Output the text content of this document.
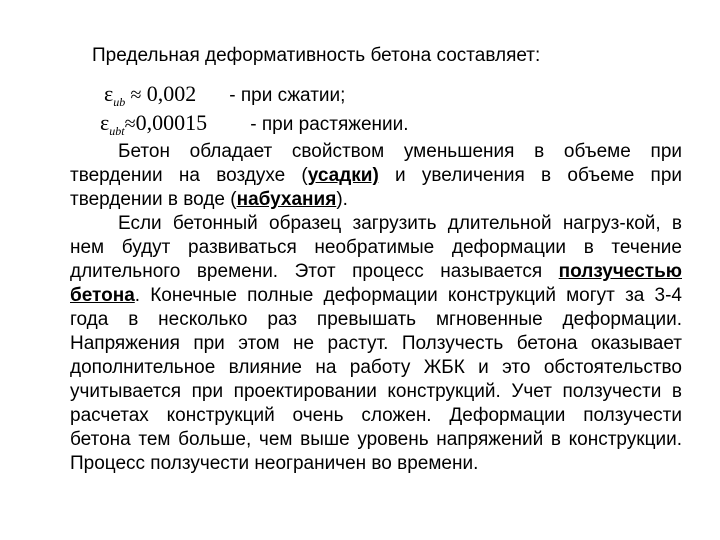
Предельная деформативность бетона составляет:
$\varepsilon_{ub} \approx 0,002$ - при сжатии;
$\varepsilon_{ubt}\approx 0,00015$ - при растяжении.

Бетон обладает свойством уменьшения в объеме при твердении на воздухе (усадки) и увеличения в объеме при твердении в воде (набухания).

Если бетонный образец загрузить длительной нагруз-кой, в нем будут развиваться необратимые деформации в течение длительного времени. Этот процесс называется ползучестью бетона. Конечные полные деформации конструкций могут за 3-4 года в несколько раз превышать мгновенные деформации. Напряжения при этом не растут. Ползучесть бетона оказывает дополнительное влияние на работу ЖБК и это обстоятельство учитывается при проектировании конструкций. Учет ползучести в расчетах конструкций очень сложен. Деформации ползучести бетона тем больше, чем выше уровень напряжений в конструкции. Процесс ползучести неограничен во времени.
